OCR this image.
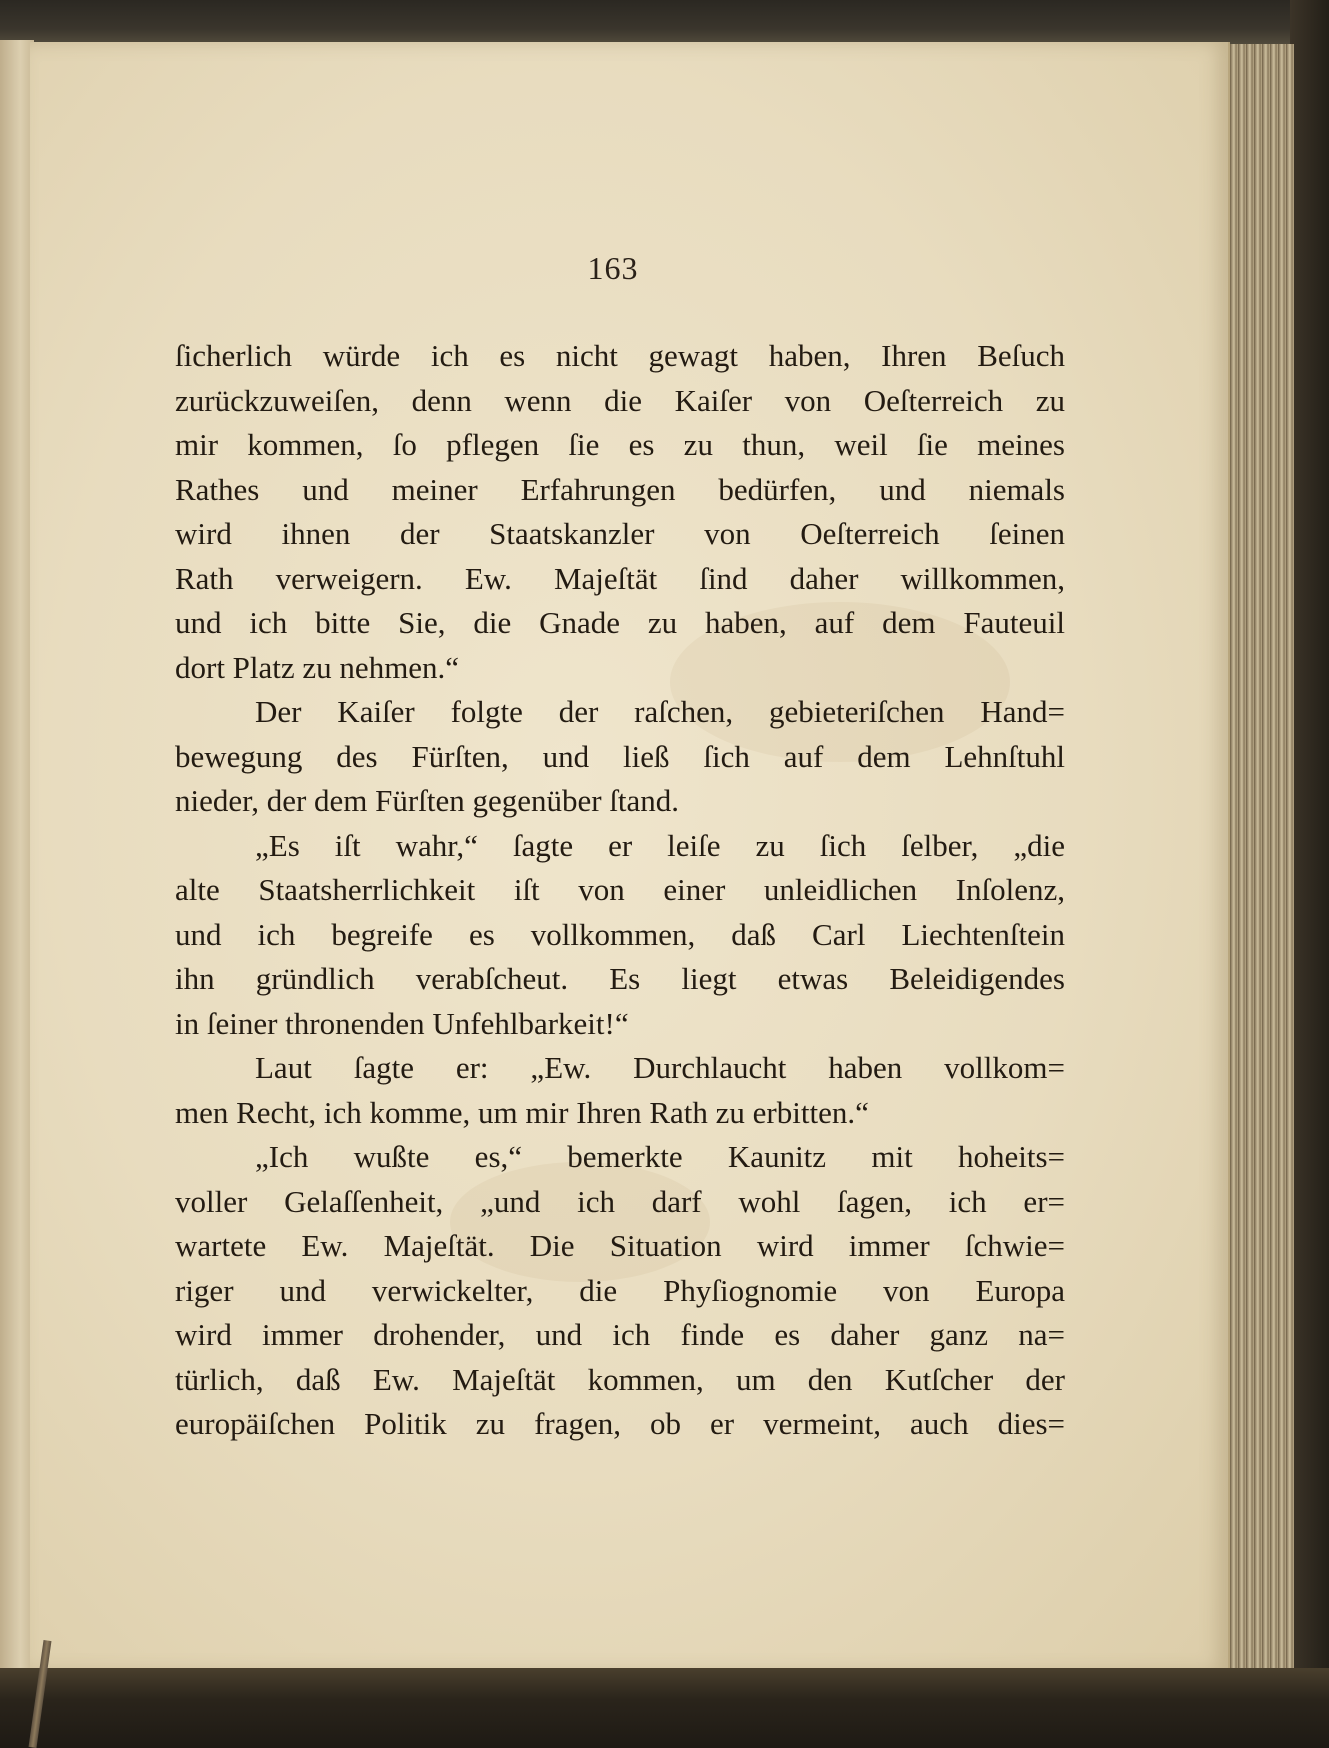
163
ſicherlich würde ich es nicht gewagt haben, Ihren Beſuch
zurückzuweiſen, denn wenn die Kaiſer von Oeſterreich zu
mir kommen, ſo pflegen ſie es zu thun, weil ſie meines
Rathes und meiner Erfahrungen bedürfen, und niemals
wird ihnen der Staatskanzler von Oeſterreich ſeinen
Rath verweigern. Ew. Majeſtät ſind daher willkommen,
und ich bitte Sie, die Gnade zu haben, auf dem Fauteuil
dort Platz zu nehmen.“
Der Kaiſer folgte der raſchen, gebieteriſchen Hand=
bewegung des Fürſten, und ließ ſich auf dem Lehnſtuhl
nieder, der dem Fürſten gegenüber ſtand.
„Es iſt wahr,“ ſagte er leiſe zu ſich ſelber, „die
alte Staatsherrlichkeit iſt von einer unleidlichen Inſolenz,
und ich begreife es vollkommen, daß Carl Liechtenſtein
ihn gründlich verabſcheut. Es liegt etwas Beleidigendes
in ſeiner thronenden Unfehlbarkeit!“
Laut ſagte er: „Ew. Durchlaucht haben vollkom=
men Recht, ich komme, um mir Ihren Rath zu erbitten.“
„Ich wußte es,“ bemerkte Kaunitz mit hoheits=
voller Gelaſſenheit, „und ich darf wohl ſagen, ich er=
wartete Ew. Majeſtät. Die Situation wird immer ſchwie=
riger und verwickelter, die Phyſiognomie von Europa
wird immer drohender, und ich finde es daher ganz na=
türlich, daß Ew. Majeſtät kommen, um den Kutſcher der
europäiſchen Politik zu fragen, ob er vermeint, auch dies=
